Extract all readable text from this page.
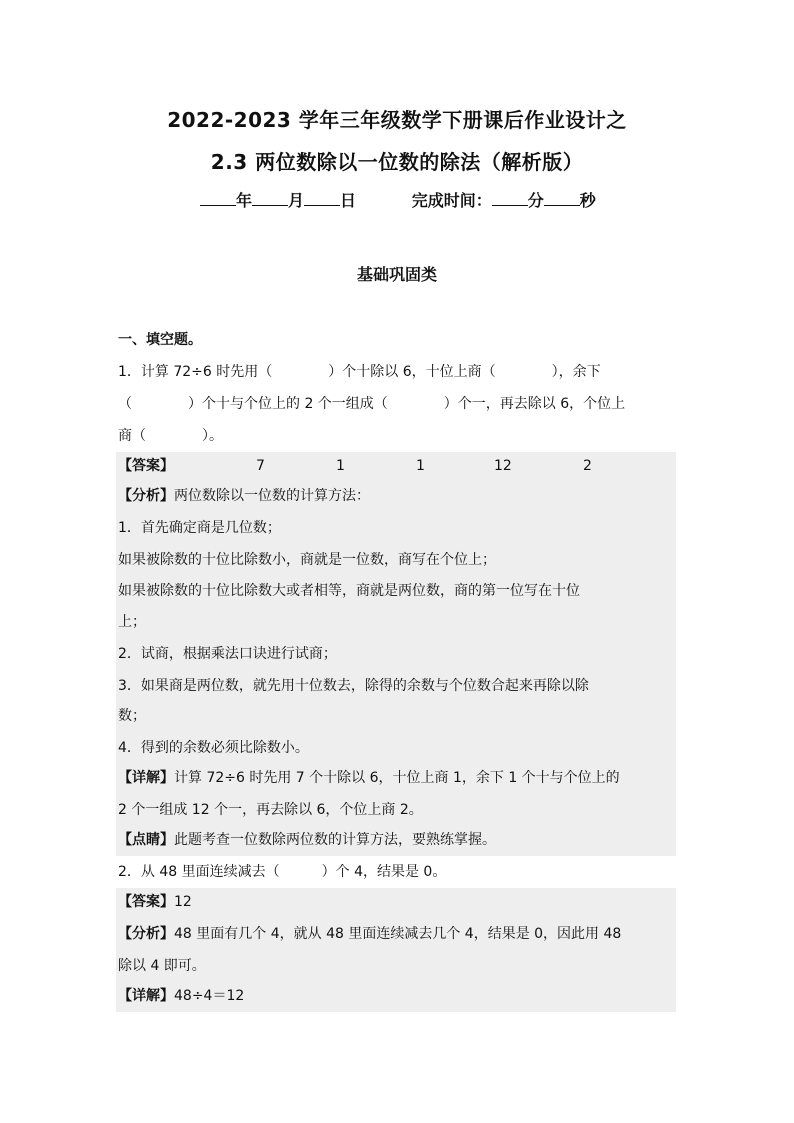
2022-2023 学年三年级数学下册课后作业设计之
2.3 两位数除以一位数的除法（解析版）
年 月 日	完成时间： 分 秒
基础巩固类
一、填空题。
1．计算 72÷6 时先用（　　　　）个十除以 6，十位上商（　　　　），余下
（　　　　）个十与个位上的 2 个一组成（　　　　）个一，再去除以 6，个位上
商（　　　　）。
【答案】	7	1	1	12	2
【分析】两位数除以一位数的计算方法：
1．首先确定商是几位数；
如果被除数的十位比除数小，商就是一位数，商写在个位上；
如果被除数的十位比除数大或者相等，商就是两位数，商的第一位写在十位
上；
2．试商，根据乘法口诀进行试商；
3．如果商是两位数，就先用十位数去，除得的余数与个位数合起来再除以除
数；
4．得到的余数必须比除数小。
【详解】计算 72÷6 时先用 7 个十除以 6，十位上商 1，余下 1 个十与个位上的
2 个一组成 12 个一，再去除以 6，个位上商 2。
【点睛】此题考查一位数除两位数的计算方法，要熟练掌握。
2．从 48 里面连续减去（　　　）个 4，结果是 0。
【答案】12
【分析】48 里面有几个 4，就从 48 里面连续减去几个 4，结果是 0，因此用 48
除以 4 即可。
【详解】48÷4＝12
